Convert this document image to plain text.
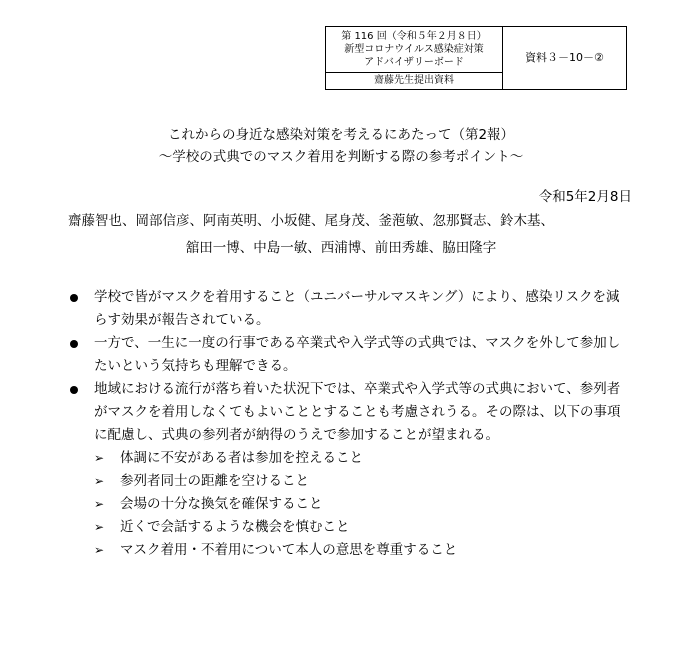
第 116 回（令和５年２月８日）
新型コロナウイルス感染症対策
アドバイザリーボード
齋藤先生提出資料
資料３－10－②
これからの身近な感染対策を考えるにあたって（第2報）
～学校の式典でのマスク着用を判断する際の参考ポイント～
令和5年2月8日
齋藤智也、岡部信彦、阿南英明、小坂健、尾身茂、釜萢敏、忽那賢志、鈴木基、
舘田一博、中島一敏、西浦博、前田秀雄、脇田隆字
学校で皆がマスクを着用すること（ユニバーサルマスキング）により、感染リスクを減らす効果が報告されている。
一方で、一生に一度の行事である卒業式や入学式等の式典では、マスクを外して参加したいという気持ちも理解できる。
地域における流行が落ち着いた状況下では、卒業式や入学式等の式典において、参列者がマスクを着用しなくてもよいこととすることも考慮されうる。その際は、以下の事項に配慮し、式典の参列者が納得のうえで参加することが望まれる。
➢ 体調に不安がある者は参加を控えること
➢ 参列者同士の距離を空けること
➢ 会場の十分な換気を確保すること
➢ 近くで会話するような機会を慎むこと
➢ マスク着用・不着用について本人の意思を尊重すること
